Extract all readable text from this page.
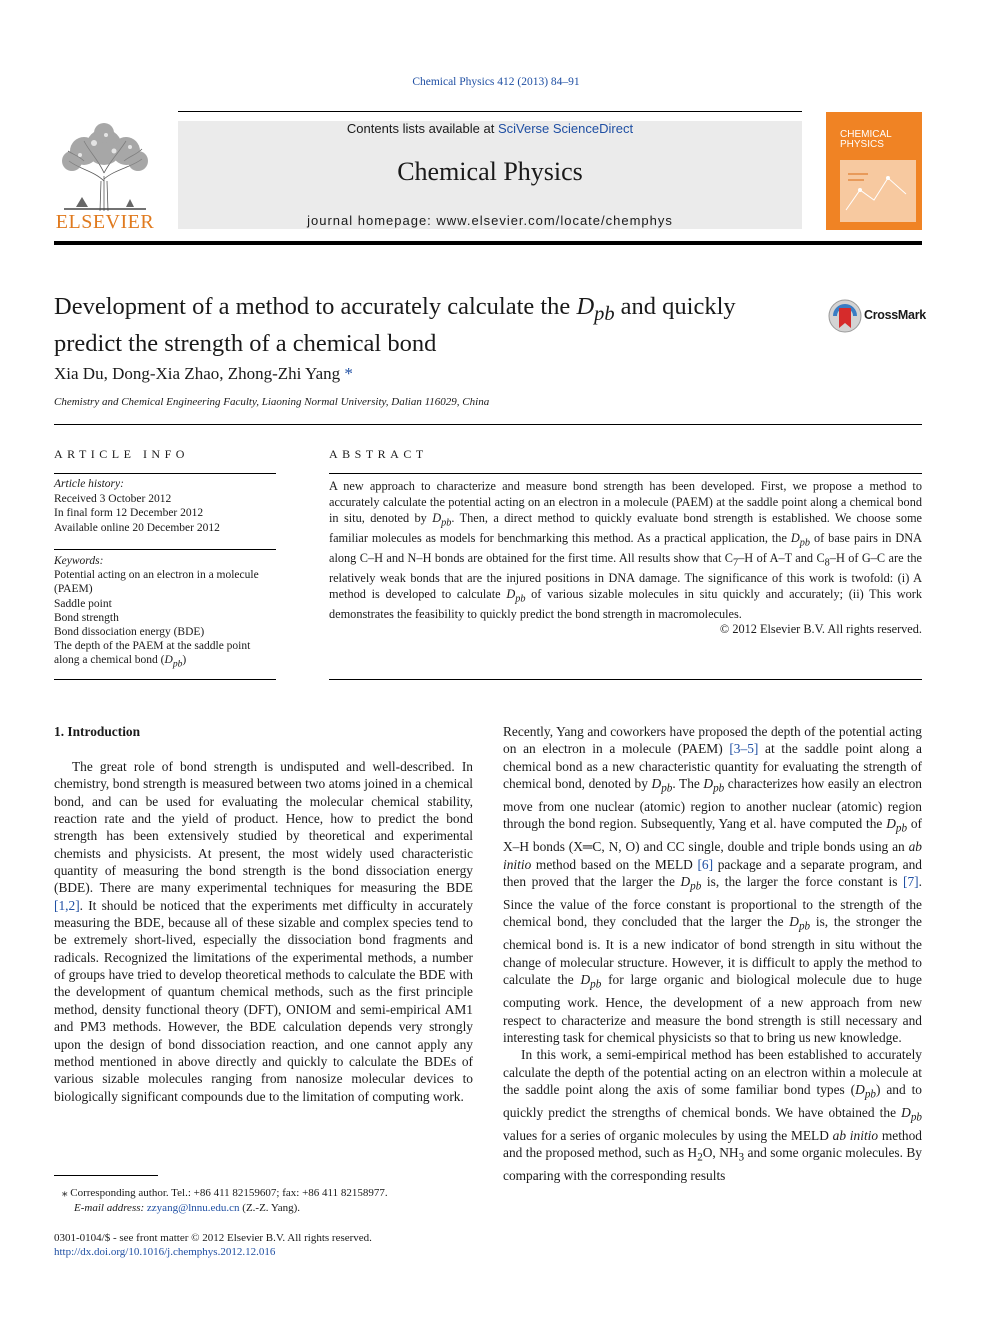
Chemical Physics 412 (2013) 84–91
ELSEVIER
Contents lists available at SciVerse ScienceDirect
Chemical Physics
journal homepage: www.elsevier.com/locate/chemphys
CHEMICAL PHYSICS
Development of a method to accurately calculate the $D_{pb}$ and quickly predict the strength of a chemical bond
CrossMark
Xia Du, Dong-Xia Zhao, Zhong-Zhi Yang *
Chemistry and Chemical Engineering Faculty, Liaoning Normal University, Dalian 116029, China
ARTICLE INFO
Article history:
Received 3 October 2012
In final form 12 December 2012
Available online 20 December 2012
Keywords:
Potential acting on an electron in a molecule
(PAEM)
Saddle point
Bond strength
Bond dissociation energy (BDE)
The depth of the PAEM at the saddle point
along a chemical bond $(D_{pb})$
ABSTRACT
A new approach to characterize and measure bond strength has been developed. First, we propose a method to accurately calculate the potential acting on an electron in a molecule (PAEM) at the saddle point along a chemical bond in situ, denoted by $D_{pb}$. Then, a direct method to quickly evaluate bond strength is established. We choose some familiar molecules as models for benchmarking this method. As a practical application, the $D_{pb}$ of base pairs in DNA along C–H and N–H bonds are obtained for the first time. All results show that $C_7-H$ of A–T and $C_8-H$ of G–C are the relatively weak bonds that are the injured positions in DNA damage. The significance of this work is twofold: (i) A method is developed to calculate $D_{pb}$ of various sizable molecules in situ quickly and accurately; (ii) This work demonstrates the feasibility to quickly predict the bond strength in macromolecules.
© 2012 Elsevier B.V. All rights reserved.
1. Introduction

The great role of bond strength is undisputed and well-described. In chemistry, bond strength is measured between two atoms joined in a chemical bond, and can be used for evaluating the molecular chemical stability, reaction rate and the yield of product. Hence, how to predict the bond strength has been extensively studied by theoretical and experimental chemists and physicists. At present, the most widely used characteristic quantity of measuring the bond strength is the bond dissociation energy (BDE). There are many experimental techniques for measuring the BDE [1,2]. It should be noticed that the experiments met difficulty in accurately measuring the BDE, because all of these sizable and complex species tend to be extremely short-lived, especially the dissociation bond fragments and radicals. Recognized the limitations of the experimental methods, a number of groups have tried to develop theoretical methods to calculate the BDE with the development of quantum chemical methods, such as the first principle method, density functional theory (DFT), ONIOM and semi-empirical AM1 and PM3 methods. However, the BDE calculation depends very strongly upon the design of bond dissociation reaction, and one cannot apply any method mentioned in above directly and quickly to calculate the BDEs of various sizable molecules ranging from nanosize molecular devices to biologically significant compounds due to the limitation of computing work.

Recently, Yang and coworkers have proposed the depth of the potential acting on an electron in a molecule (PAEM) [3–5] at the saddle point along a chemical bond as a new characteristic quantity for evaluating the strength of chemical bond, denoted by $D_{pb}$. The $D_{pb}$ characterizes how easily an electron move from one nuclear (atomic) region to another nuclear (atomic) region through the bond region. Subsequently, Yang et al. have computed the $D_{pb}$ of X–H bonds (X═C, N, O) and CC single, double and triple bonds using an ab initio method based on the MELD [6] package and a separate program, and then proved that the larger the $D_{pb}$ is, the larger the force constant is [7]. Since the value of the force constant is proportional to the strength of the chemical bond, they concluded that the larger the $D_{pb}$ is, the stronger the chemical bond is. It is a new indicator of bond strength in situ without the change of molecular structure. However, it is difficult to apply the method to calculate the $D_{pb}$ for large organic and biological molecule due to huge computing work. Hence, the development of a new approach from new respect to characterize and measure the bond strength is still necessary and interesting task for chemical physicists so that to bring us new knowledge.

In this work, a semi-empirical method has been established to accurately calculate the depth of the potential acting on an electron within a molecule at the saddle point along the axis of some familiar bond types $(D_{pb})$ and to quickly predict the strengths of chemical bonds. We have obtained the $D_{pb}$ values for a series of organic molecules by using the MELD ab initio method and the proposed method, such as $H_2O$, $NH_3$ and some organic molecules. By comparing with the corresponding results

⁎ Corresponding author. Tel.: +86 411 82159607; fax: +86 411 82158977.
E-mail address: zzyang@lnnu.edu.cn (Z.-Z. Yang).
0301-0104/$ - see front matter © 2012 Elsevier B.V. All rights reserved.
http://dx.doi.org/10.1016/j.chemphys.2012.12.016
